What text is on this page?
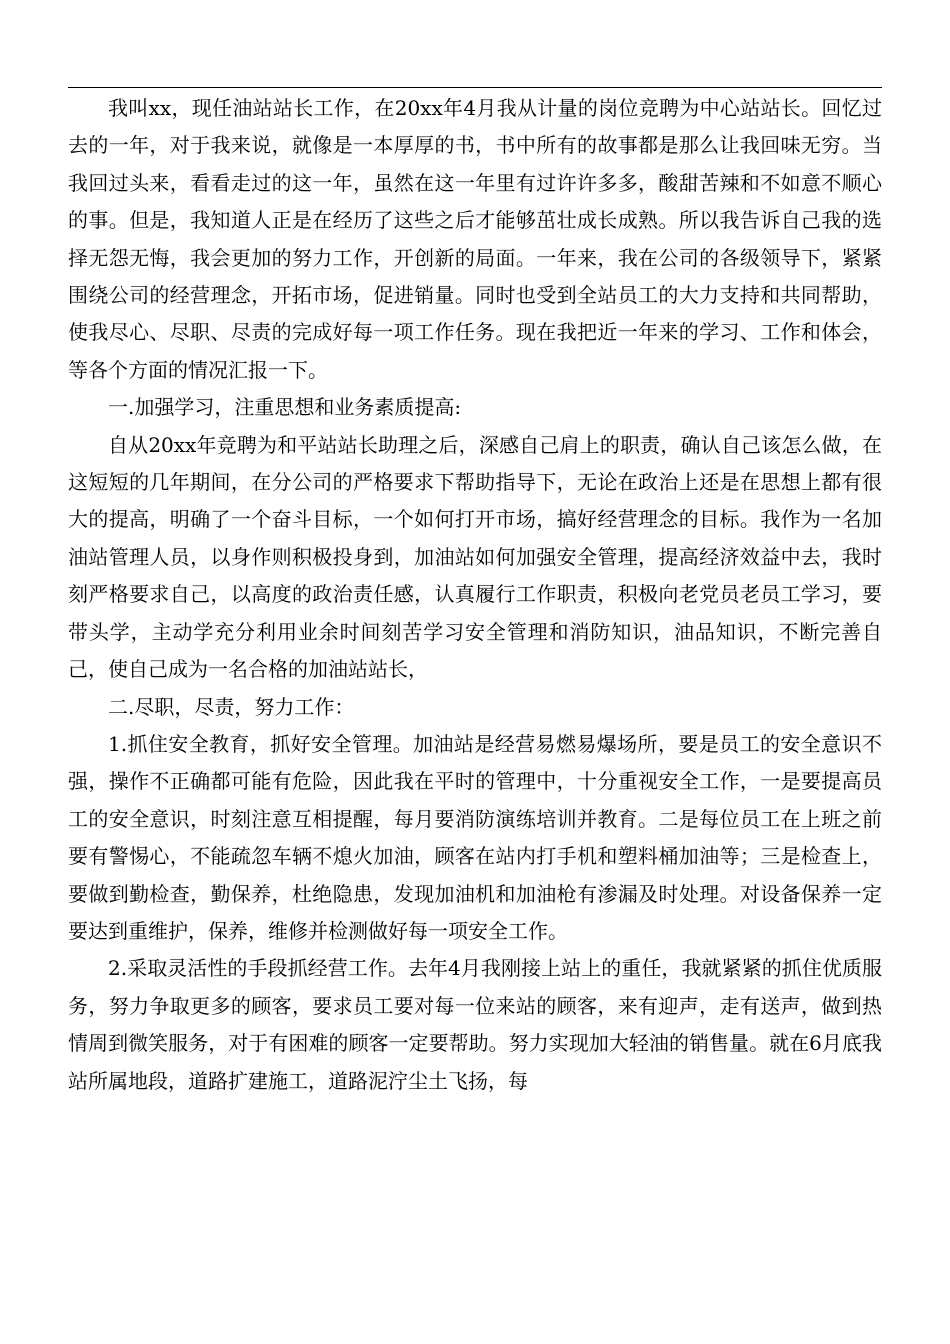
我叫xx，现任油站站长工作，在20xx年4月我从计量的岗位竞聘为中心站站长。回忆过去的一年，对于我来说，就像是一本厚厚的书，书中所有的故事都是那么让我回味无穷。当我回过头来，看看走过的这一年，虽然在这一年里有过许许多多，酸甜苦辣和不如意不顺心的事。但是，我知道人正是在经历了这些之后才能够茁壮成长成熟。所以我告诉自己我的选择无怨无悔，我会更加的努力工作，开创新的局面。一年来，我在公司的各级领导下，紧紧围绕公司的经营理念，开拓市场，促进销量。同时也受到全站员工的大力支持和共同帮助，使我尽心、尽职、尽责的完成好每一项工作任务。现在我把近一年来的学习、工作和体会，等各个方面的情况汇报一下。

一.加强学习，注重思想和业务素质提高:

自从20xx年竞聘为和平站站长助理之后，深感自己肩上的职责，确认自己该怎么做，在这短短的几年期间，在分公司的严格要求下帮助指导下，无论在政治上还是在思想上都有很大的提高，明确了一个奋斗目标，一个如何打开市场，搞好经营理念的目标。我作为一名加油站管理人员，以身作则积极投身到，加油站如何加强安全管理，提高经济效益中去，我时刻严格要求自己，以高度的政治责任感，认真履行工作职责，积极向老党员老员工学习，要带头学，主动学充分利用业余时间刻苦学习安全管理和消防知识，油品知识，不断完善自己，使自己成为一名合格的加油站站长，

二.尽职，尽责，努力工作：

1.抓住安全教育，抓好安全管理。加油站是经营易燃易爆场所，要是员工的安全意识不强，操作不正确都可能有危险，因此我在平时的管理中，十分重视安全工作，一是要提高员工的安全意识，时刻注意互相提醒，每月要消防演练培训并教育。二是每位员工在上班之前要有警惕心，不能疏忽车辆不熄火加油，顾客在站内打手机和塑料桶加油等；三是检查上，要做到勤检查，勤保养，杜绝隐患，发现加油机和加油枪有渗漏及时处理。对设备保养一定要达到重维护，保养，维修并检测做好每一项安全工作。

2.采取灵活性的手段抓经营工作。去年4月我刚接上站上的重任，我就紧紧的抓住优质服务，努力争取更多的顾客，要求员工要对每一位来站的顾客，来有迎声，走有送声，做到热情周到微笑服务，对于有困难的顾客一定要帮助。努力实现加大轻油的销售量。就在6月底我站所属地段，道路扩建施工，道路泥泞尘土飞扬，每
